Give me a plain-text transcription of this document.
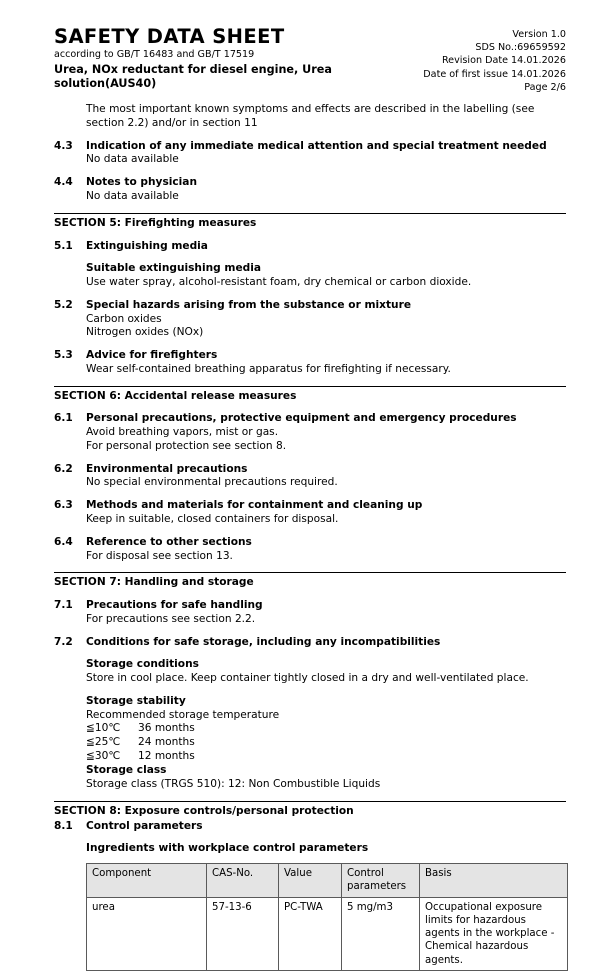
SAFETY DATA SHEET
according to GB/T 16483 and GB/T 17519
Urea, NOx reductant for diesel engine, Urea solution(AUS40)
Version 1.0
SDS No.:69659592
Revision Date 14.01.2026
Date of first issue 14.01.2026
Page 2/6

The most important known symptoms and effects are described in the labelling (see section 2.2) and/or in section 11

4.3	Indication of any immediate medical attention and special treatment needed

No data available

4.4	Notes to physician

No data available

SECTION 5: Firefighting measures
5.1	Extinguishing media

Suitable extinguishing media

Use water spray, alcohol-resistant foam, dry chemical or carbon dioxide.

5.2	Special hazards arising from the substance or mixture

Carbon oxides

Nitrogen oxides (NOx)

5.3	Advice for firefighters

Wear self-contained breathing apparatus for firefighting if necessary.

SECTION 6: Accidental release measures
6.1	Personal precautions, protective equipment and emergency procedures

Avoid breathing vapors, mist or gas.

For personal protection see section 8.

6.2	Environmental precautions

No special environmental precautions required.

6.3	Methods and materials for containment and cleaning up

Keep in suitable, closed containers for disposal.

6.4	Reference to other sections

For disposal see section 13.

SECTION 7: Handling and storage
7.1	Precautions for safe handling

For precautions see section 2.2.

7.2	Conditions for safe storage, including any incompatibilities

Storage conditions

Store in cool place. Keep container tightly closed in a dry and well-ventilated place.

Storage stability

Recommended storage temperature

≦10℃	36 months
≦25℃	24 months
≦30℃	12 months

Storage class

Storage class (TRGS 510): 12: Non Combustible Liquids

SECTION 8: Exposure controls/personal protection
8.1	Control parameters

Ingredients with workplace control parameters

Component	CAS-No.	Value	Control parameters	Basis
urea	57-13-6	PC-TWA	5 mg/m3	Occupational exposure limits for hazardous agents in the workplace - Chemical hazardous agents.
